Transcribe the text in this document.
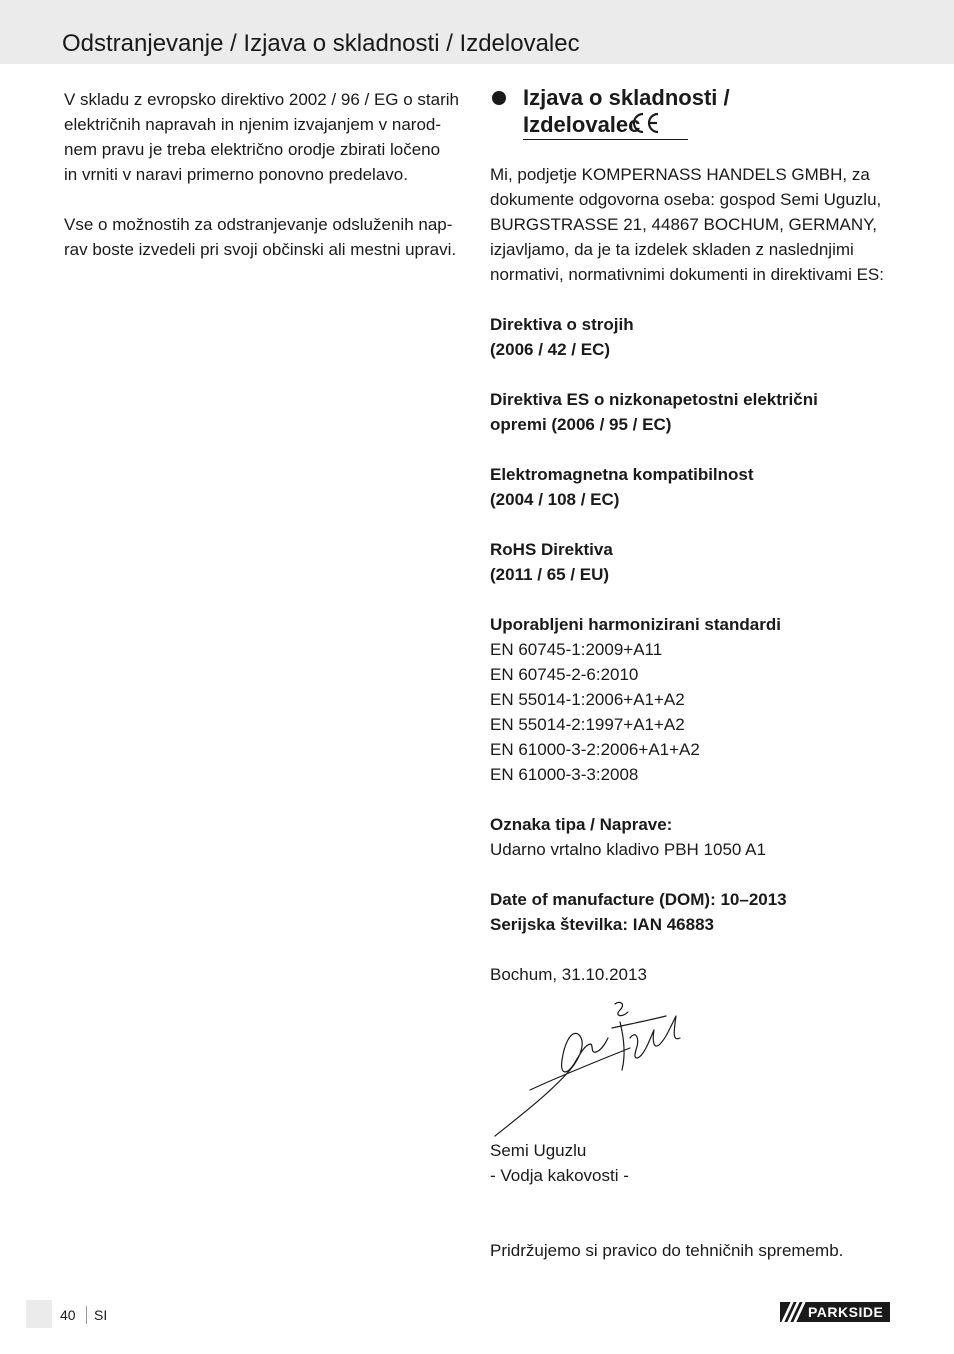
Odstranjevanje / Izjava o skladnosti / Izdelovalec

V skladu z evropsko direktivo 2002 / 96 / EG o starih
električnih napravah in njenim izvajanjem v narod-
nem pravu je treba električno orodje zbirati ločeno
in vrniti v naravi primerno ponovno predelavo.

Vse o možnostih za odstranjevanje odsluženih nap-
rav boste izvedeli pri svoji občinski ali mestni upravi.

Izjava o skladnosti /
Izdelovalec

Mi, podjetje KOMPERNASS HANDELS GMBH, za
dokumente odgovorna oseba: gospod Semi Uguzlu,
BURGSTRASSE 21, 44867 BOCHUM, GERMANY,
izjavljamo, da je ta izdelek skladen z naslednjimi
normativi, normativnimi dokumenti in direktivami ES:

Direktiva o strojih
(2006 / 42 / EC)

Direktiva ES o nizkonapetostni električni
opremi (2006 / 95 / EC)

Elektromagnetna kompatibilnost
(2004 / 108 / EC)

RoHS Direktiva
(2011 / 65 / EU)

Uporabljeni harmonizirani standardi
EN 60745-1:2009+A11
EN 60745-2-6:2010
EN 55014-1:2006+A1+A2
EN 55014-2:1997+A1+A2
EN 61000-3-2:2006+A1+A2
EN 61000-3-3:2008

Oznaka tipa / Naprave:
Udarno vrtalno kladivo PBH 1050 A1

Date of manufacture (DOM): 10–2013
Serijska številka: IAN 46883

Bochum, 31.10.2013

Semi Uguzlu
- Vodja kakovosti -
Pridržujemo si pravico do tehničnih sprememb.
40 SI	PARKSIDE
